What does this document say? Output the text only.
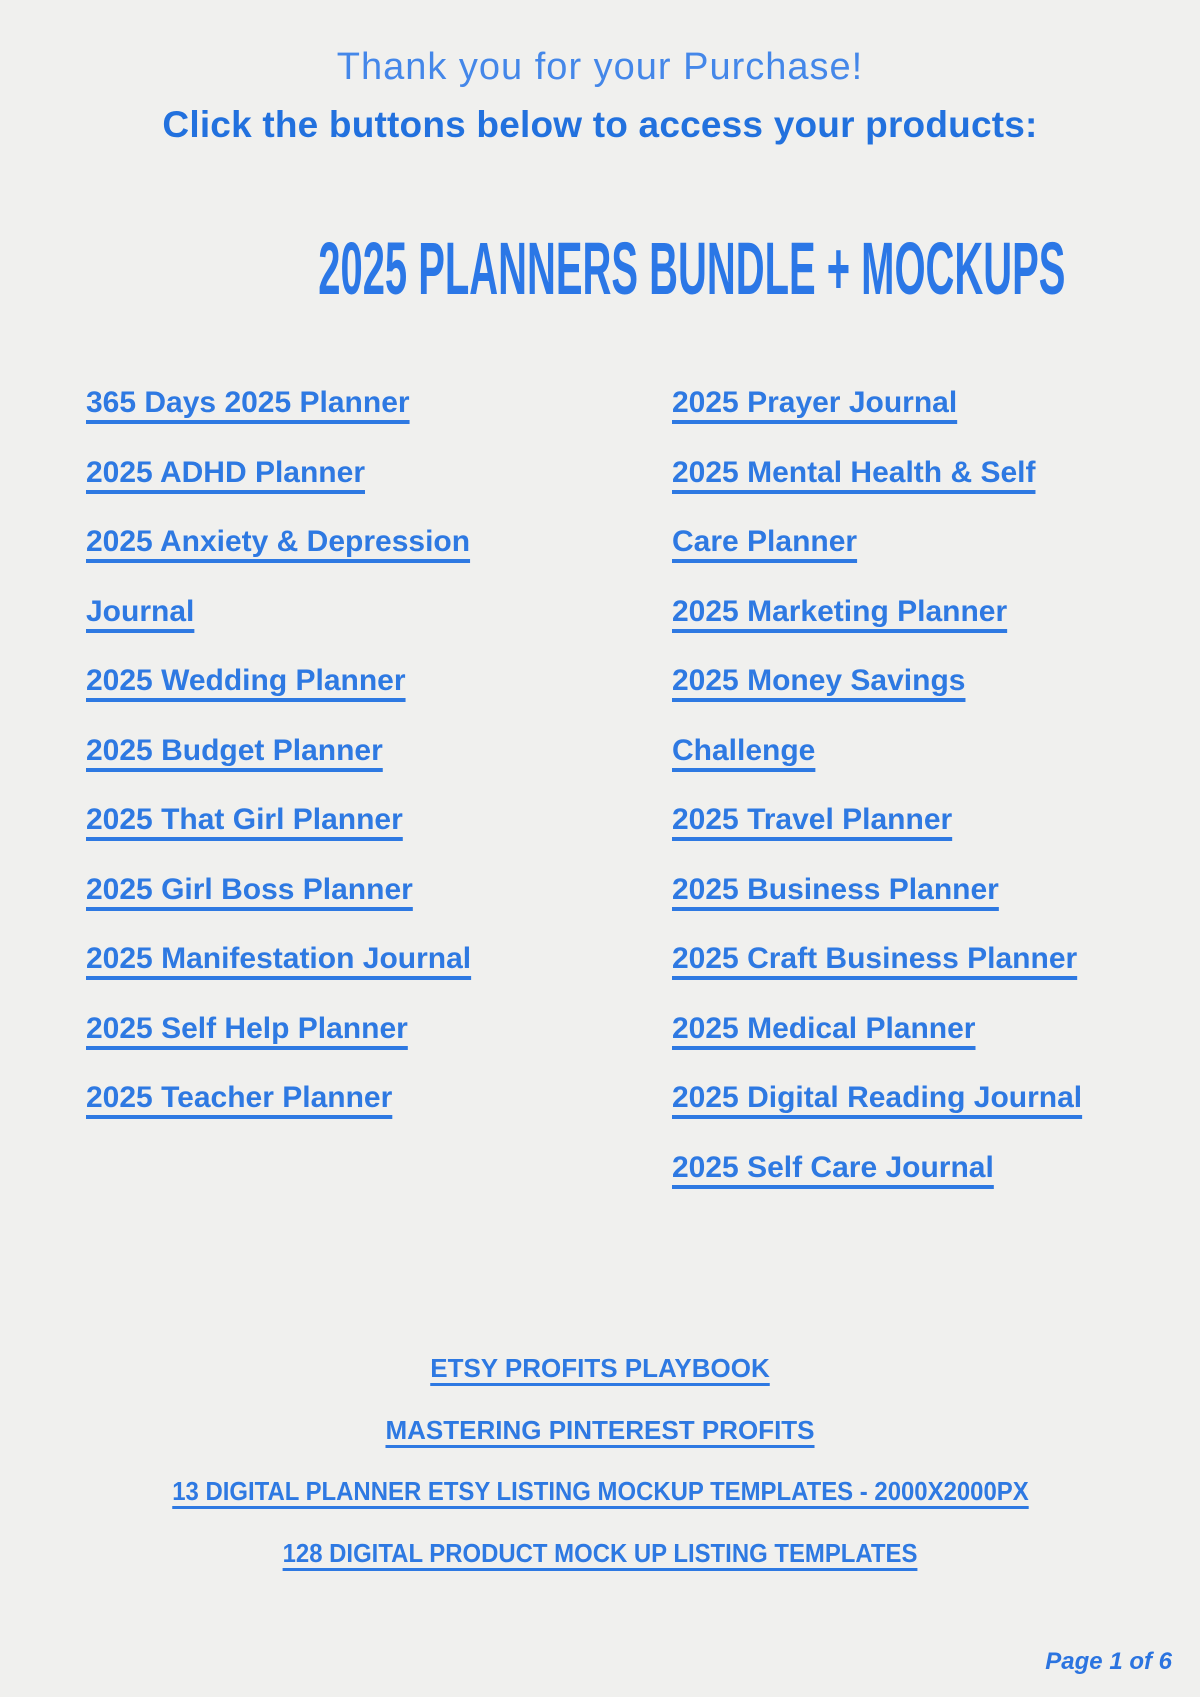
Thank you for your Purchase!
Click the buttons below to access your products:
2025 PLANNERS BUNDLE + MOCKUPS
365 Days 2025 Planner
2025 ADHD Planner
2025 Anxiety & Depression
Journal
2025 Wedding Planner
2025 Budget Planner
2025 That Girl Planner
2025 Girl Boss Planner
2025 Manifestation Journal
2025 Self Help Planner
2025 Teacher Planner
2025 Prayer Journal
2025 Mental Health & Self
Care Planner
2025 Marketing Planner
2025 Money Savings
Challenge
2025 Travel Planner
2025 Business Planner
2025 Craft Business Planner
2025 Medical Planner
2025 Digital Reading Journal
2025 Self Care Journal
ETSY PROFITS PLAYBOOK
MASTERING PINTEREST PROFITS
13 DIGITAL PLANNER ETSY LISTING MOCKUP TEMPLATES - 2000X2000PX
128 DIGITAL PRODUCT MOCK UP LISTING TEMPLATES
Page 1 of 6
